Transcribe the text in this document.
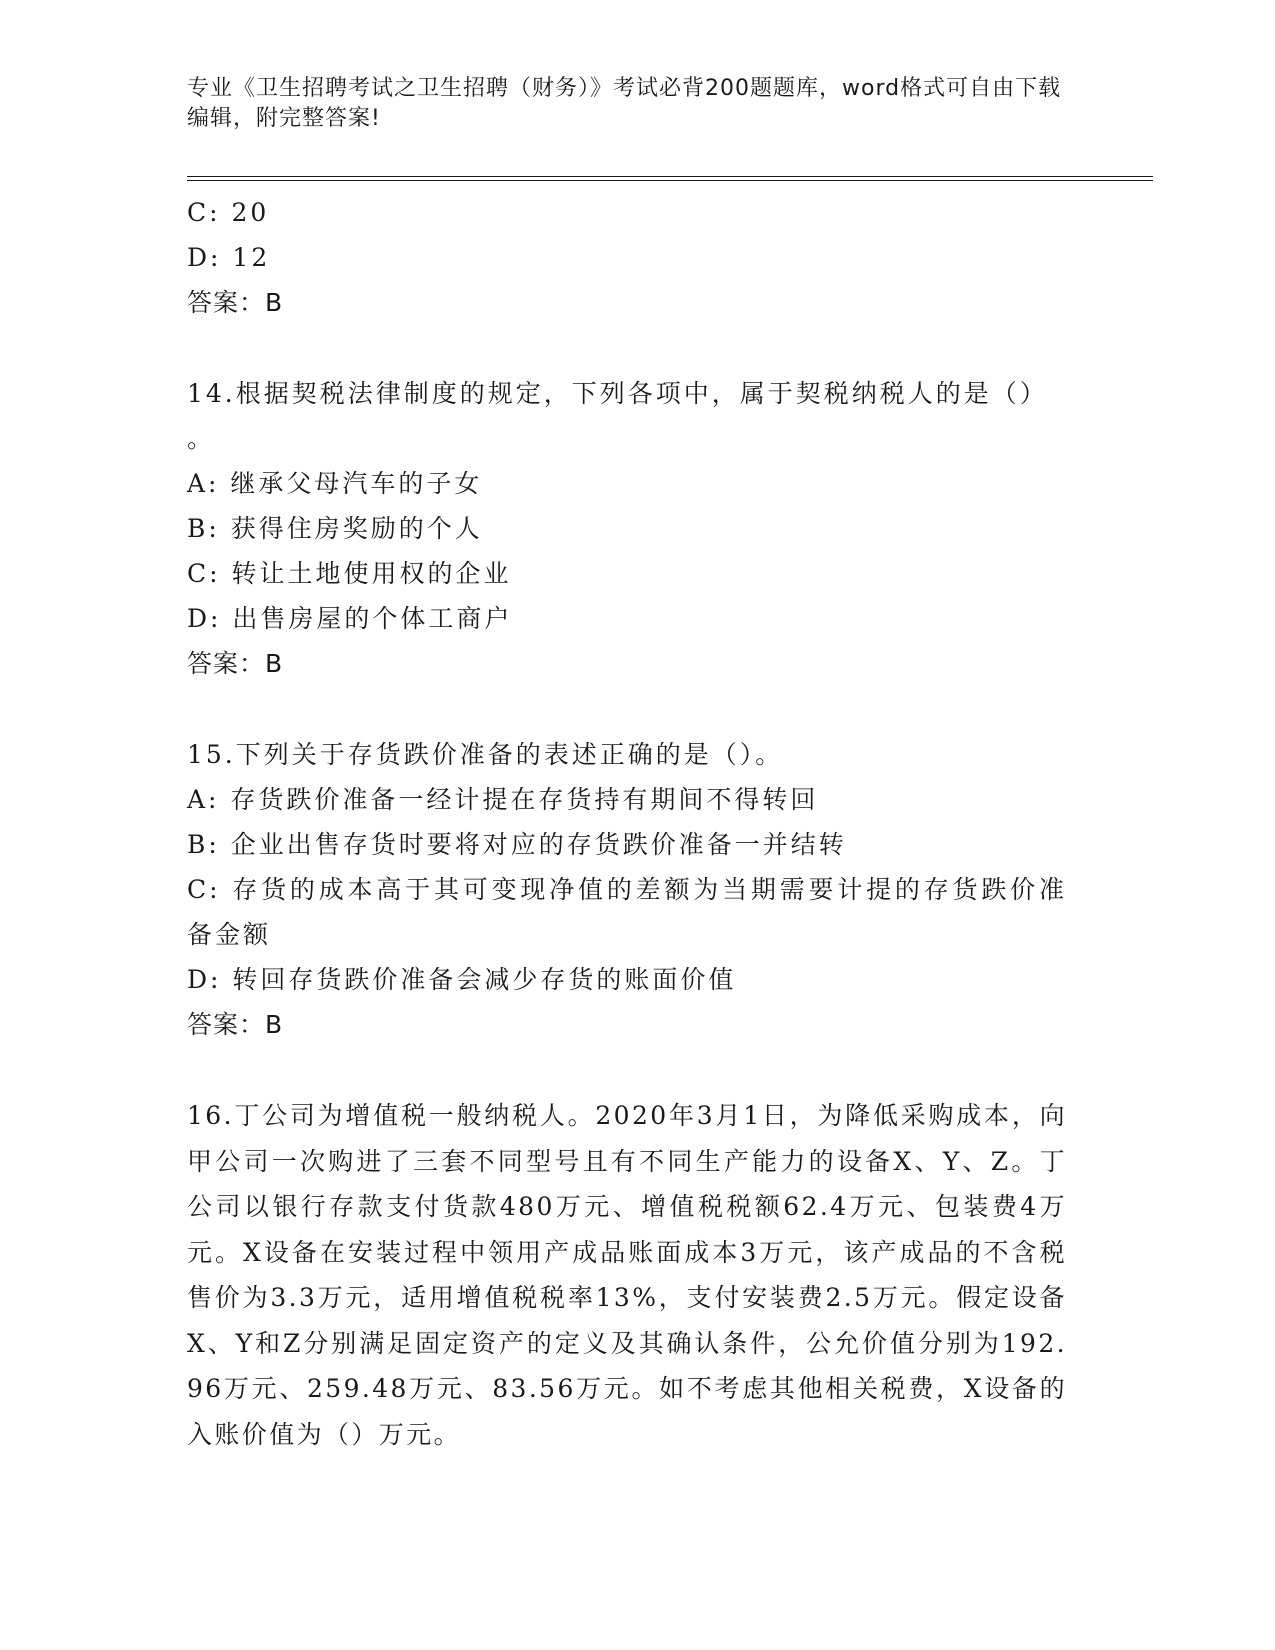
专业《卫生招聘考试之卫生招聘（财务）》考试必背200题题库，word格式可自由下载编辑，附完整答案!
C: 20
D: 12
答案：B
14.根据契税法律制度的规定，下列各项中，属于契税纳税人的是（）
。
A: 继承父母汽车的子女
B: 获得住房奖励的个人
C: 转让土地使用权的企业
D: 出售房屋的个体工商户
答案：B
15.下列关于存货跌价准备的表述正确的是（）。
A: 存货跌价准备一经计提在存货持有期间不得转回
B: 企业出售存货时要将对应的存货跌价准备一并结转
C: 存货的成本高于其可变现净值的差额为当期需要计提的存货跌价准备金额
D: 转回存货跌价准备会减少存货的账面价值
答案：B
16.丁公司为增值税一般纳税人。2020年3月1日，为降低采购成本，向甲公司一次购进了三套不同型号且有不同生产能力的设备X、Y、Z。丁公司以银行存款支付货款480万元、增值税税额62.4万元、包装费4万元。X设备在安装过程中领用产成品账面成本3万元，该产成品的不含税售价为3.3万元，适用增值税税率13%，支付安装费2.5万元。假定设备X、Y和Z分别满足固定资产的定义及其确认条件，公允价值分别为192.96万元、259.48万元、83.56万元。如不考虑其他相关税费，X设备的入账价值为（）万元。
